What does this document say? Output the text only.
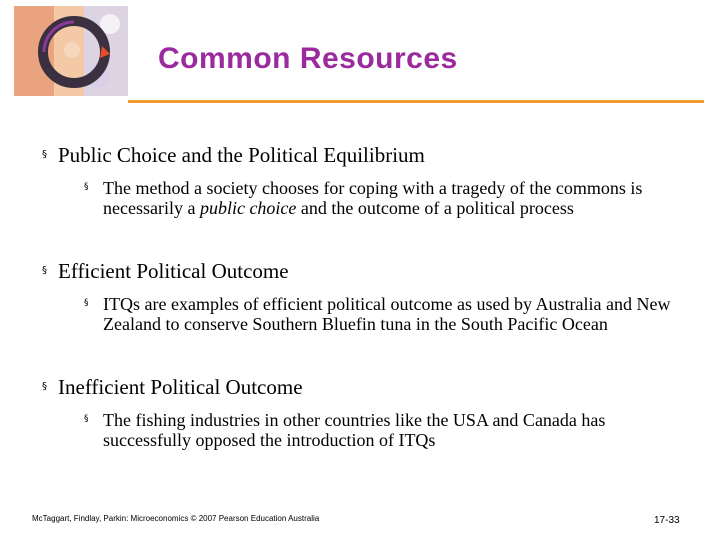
Common Resources
§ Public Choice and the Political Equilibrium
§ The method a society chooses for coping with a tragedy of the commons is necessarily a public choice and the outcome of a political process
§ Efficient Political Outcome
§ ITQs are examples of efficient political outcome as used by Australia and New Zealand to conserve Southern Bluefin tuna in the South Pacific Ocean
§ Inefficient Political Outcome
§ The fishing industries in other countries like the USA and Canada has successfully opposed the introduction of ITQs
McTaggart, Findlay, Parkin: Microeconomics © 2007 Pearson Education Australia	17-33
